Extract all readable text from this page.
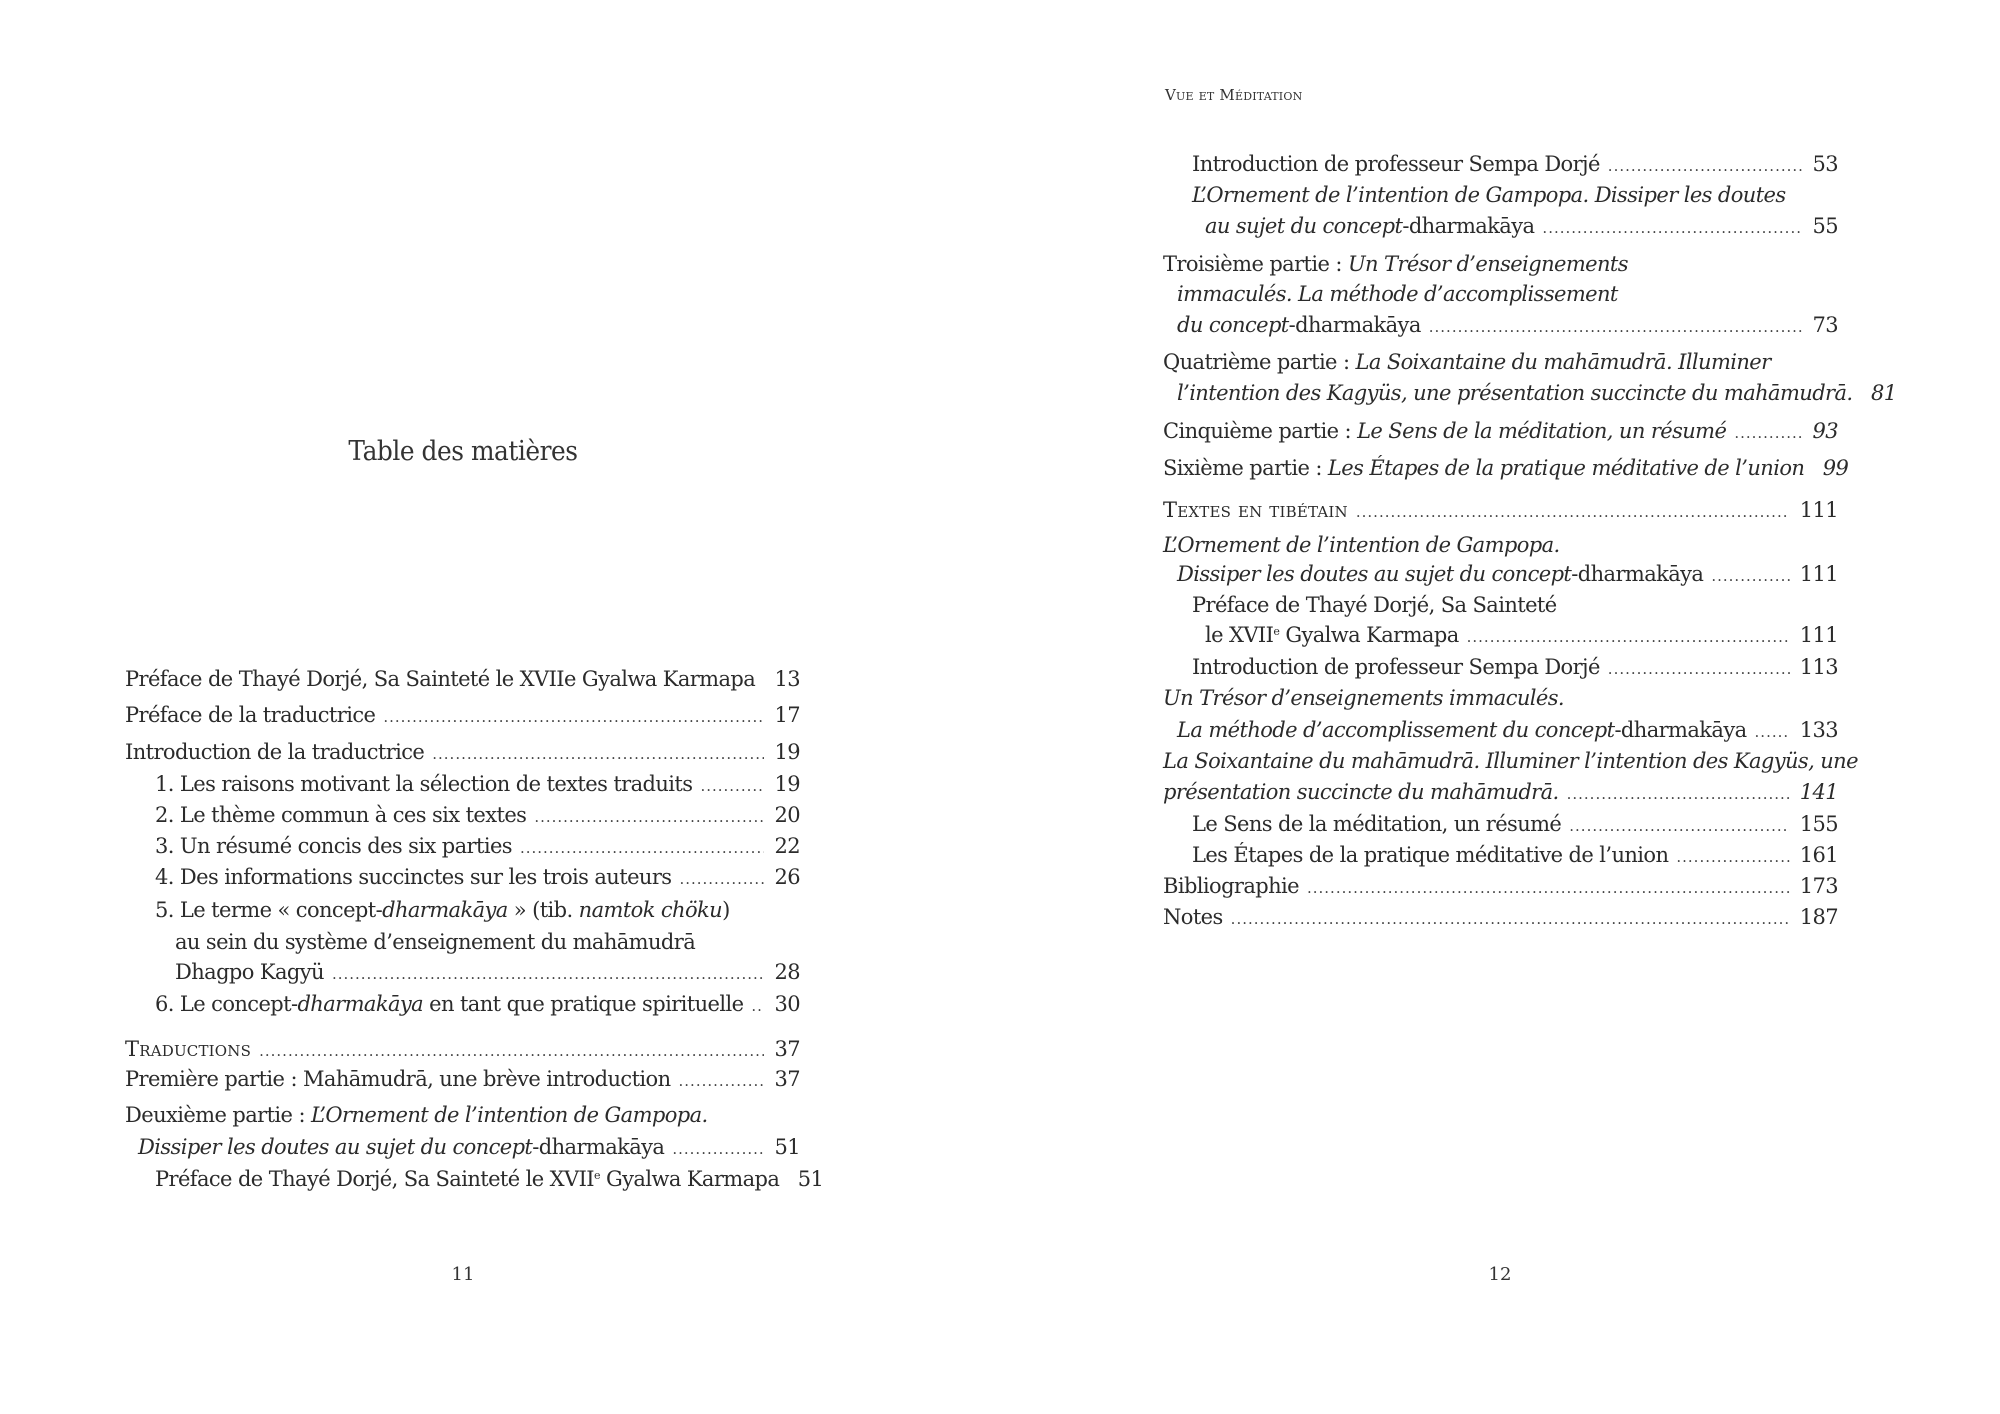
Table des matières
Préface de Thayé Dorjé, Sa Sainteté le XVIIe Gyalwa Karmapa ..... 13
Préface de la traductrice .....	17
Introduction de la traductrice .....	19
1. Les raisons motivant la sélection de textes traduits .....	19
2. Le thème commun à ces six textes .....	20
3. Un résumé concis des six parties .....	22
4. Des informations succinctes sur les trois auteurs .....	26
5. Le terme « concept-dharmakāya » (tib. namtok chöku)
au sein du système d’enseignement du mahāmudrā
Dhagpo Kagyü .....	28
6. Le concept-dharmakāya en tant que pratique spirituelle ..... 30
Traductions .....	37
Première partie : Mahāmudrā, une brève introduction .....	37
Deuxième partie : L’Ornement de l’intention de Gampopa.
Dissiper les doutes au sujet du concept-dharmakāya .....	51
Préface de Thayé Dorjé, Sa Sainteté le XVIIe Gyalwa Karmapa 51
11
Vue et Méditation
Introduction de professeur Sempa Dorjé .....	53
L’Ornement de l’intention de Gampopa. Dissiper les doutes
au sujet du concept-dharmakāya .....	55
Troisième partie : Un Trésor d’enseignements
immaculés. La méthode d’accomplissement
du concept-dharmakāya .....	73
Quatrième partie : La Soixantaine du mahāmudrā. Illuminer
l’intention des Kagyüs, une présentation succincte du mahāmudrā. 81
Cinquième partie : Le Sens de la méditation, un résumé .....	93
Sixième partie : Les Étapes de la pratique méditative de l’union 99
Textes en tibétain .....	111
L’Ornement de l’intention de Gampopa.
Dissiper les doutes au sujet du concept-dharmakāya .....	111
Préface de Thayé Dorjé, Sa Sainteté
le XVIIe Gyalwa Karmapa .....	111
Introduction de professeur Sempa Dorjé .....	113
Un Trésor d’enseignements immaculés.
La méthode d’accomplissement du concept-dharmakāya .....	133
La Soixantaine du mahāmudrā. Illuminer l’intention des Kagyüs, une
présentation succincte du mahāmudrā. .....	141
Le Sens de la méditation, un résumé .....	155
Les Étapes de la pratique méditative de l’union .....	161
Bibliographie .....	173
Notes .....	187
12
